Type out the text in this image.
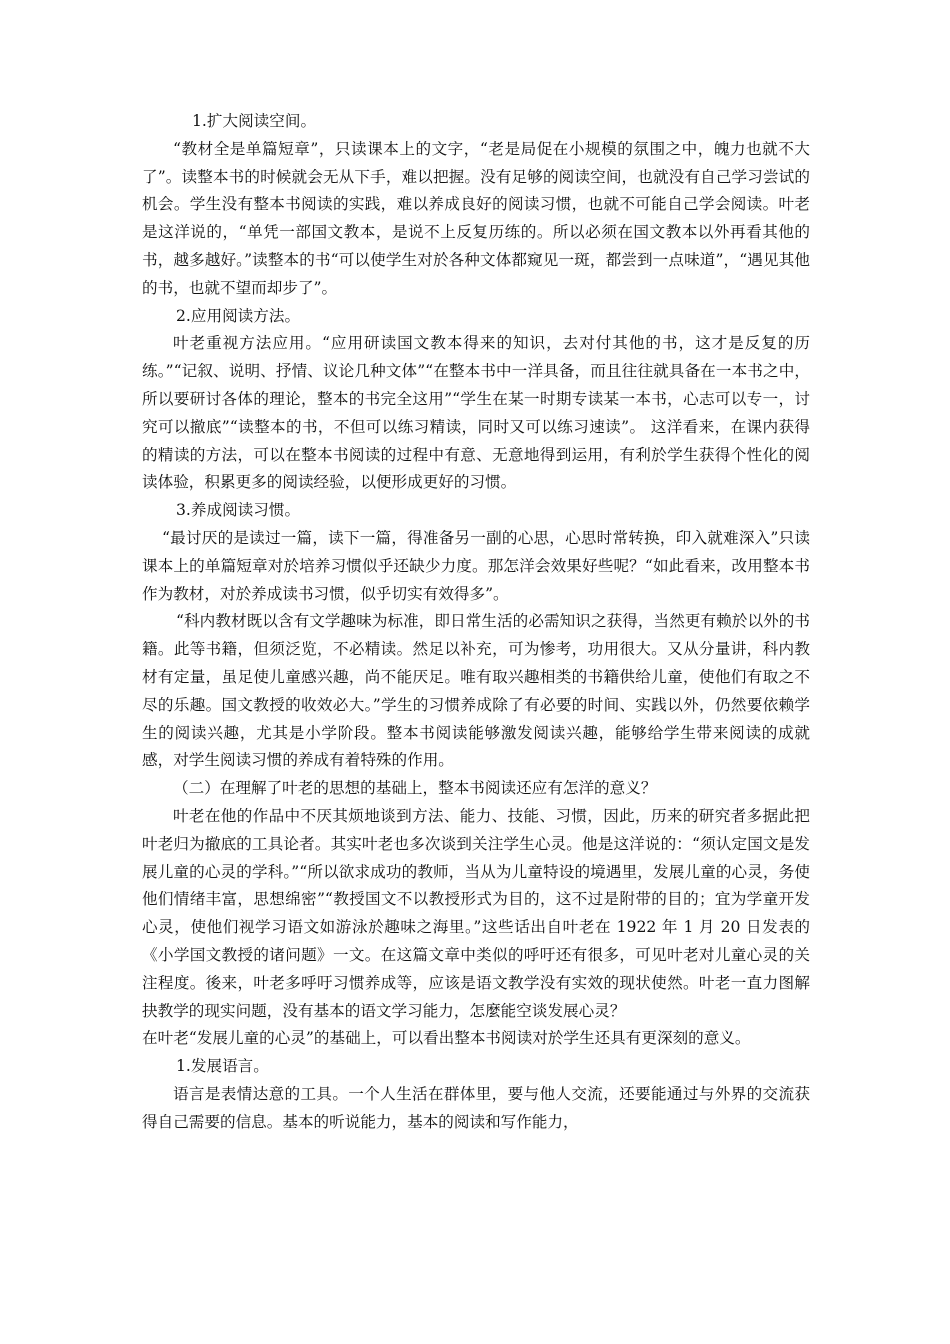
1.扩大阅读空间。

“教材全是单篇短章”，只读课本上的文字，“老是局促在小规模的氛围之中，魄力也就不大了”。读整本书的时候就会无从下手，难以把握。没有足够的阅读空间，也就没有自己学习尝试的机会。学生没有整本书阅读的实践，难以养成良好的阅读习惯，也就不可能自己学会阅读。叶老是这洋说的，“单凭一部国文教本，是说不上反复历练的。所以必须在国文教本以外再看其他的书，越多越好。”读整本的书“可以使学生对於各种文体都窥见一斑，都尝到一点味道”，“遇见其他的书，也就不望而却步了”。

2.应用阅读方法。

叶老重视方法应用。“应用研读国文教本得来的知识，去对付其他的书，这才是反复的历练。”“记叙、说明、抒情、议论几种文体”“在整本书中一洋具备，而且往往就具备在一本书之中，所以要研讨各体的理论，整本的书完全这用”“学生在某一时期专读某一本书，心志可以专一，讨究可以撤底”“读整本的书，不但可以练习精读，同时又可以练习速读”。 这洋看来，在课内获得的精读的方法，可以在整本书阅读的过程中有意、无意地得到运用，有利於学生获得个性化的阅读体验，积累更多的阅读经验，以便形成更好的习惯。

3.养成阅读习惯。

“最讨厌的是读过一篇，读下一篇，得准备另一副的心思，心思时常转换，印入就难深入”只读课本上的单篇短章对於培养习惯似乎还缺少力度。那怎洋会效果好些呢？“如此看来，改用整本书作为教材，对於养成读书习惯，似乎切实有效得多”。

“科内教材既以含有文学趣味为标准，即日常生活的必需知识之获得，当然更有赖於以外的书籍。此等书籍，但须泛览，不必精读。然足以补充，可为惨考，功用很大。又从分量讲，科内教材有定量，虽足使儿童感兴趣，尚不能厌足。唯有取兴趣相类的书籍供给儿童，使他们有取之不尽的乐趣。国文教授的收效必大。”学生的习惯养成除了有必要的时间、实践以外，仍然要依赖学生的阅读兴趣，尤其是小学阶段。整本书阅读能够激发阅读兴趣，能够给学生带来阅读的成就感，对学生阅读习惯的养成有着特殊的作用。

（二）在理解了叶老的思想的基础上，整本书阅读还应有怎洋的意义？

叶老在他的作品中不厌其烦地谈到方法、能力、技能、习惯，因此，历来的研究者多据此把叶老归为撤底的工具论者。其实叶老也多次谈到关注学生心灵。他是这洋说的：“须认定国文是发展儿童的心灵的学科。”“所以欲求成功的教师，当从为儿童特设的境遇里，发展儿童的心灵，务使他们情绪丰富，思想绵密”“教授国文不以教授形式为目的，这不过是附带的目的；宜为学童开发心灵，使他们视学习语文如游泳於趣味之海里。”这些话出自叶老在 1922 年 1 月 20 日发表的《小学国文教授的诸问题》一文。在这篇文章中类似的呼吁还有很多，可见叶老对儿童心灵的关注程度。後来，叶老多呼吁习惯养成等，应该是语文教学没有实效的现状使然。叶老一直力图解抉教学的现实问题，没有基本的语文学习能力，怎麼能空谈发展心灵？

在叶老“发展儿童的心灵”的基础上，可以看出整本书阅读对於学生还具有更深刻的意义。

1.发展语言。

语言是表情达意的工具。一个人生活在群体里，要与他人交流，还要能通过与外界的交流获得自己需要的信息。基本的听说能力，基本的阅读和写作能力，
